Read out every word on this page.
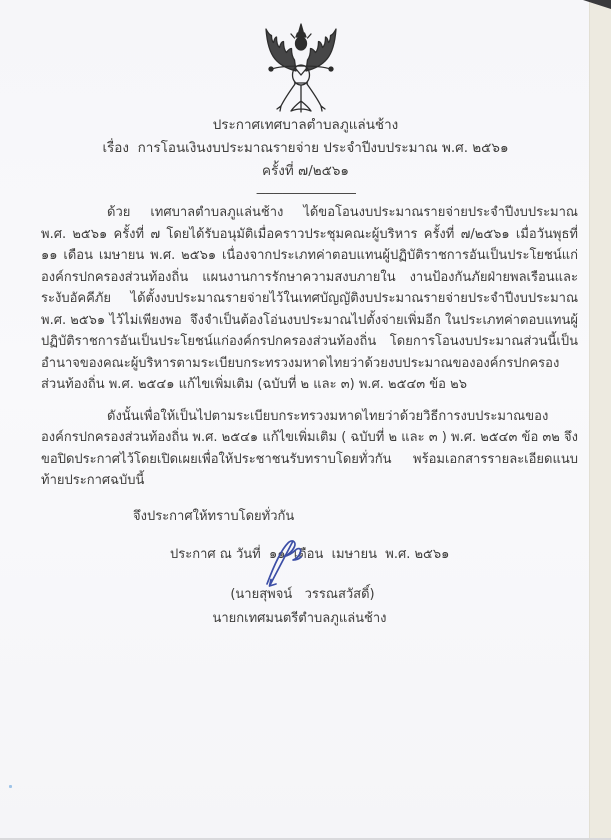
ประกาศเทศบาลตำบลภูแล่นช้าง
เรื่อง  การโอนเงินงบประมาณรายจ่าย ประจำปีงบประมาณ พ.ศ. ๒๕๖๑
ครั้งที่ ๗/๒๕๖๑
-----------------------------------

ด้วย  เทศบาลตำบลภูแล่นช้าง  ได้ขอโอนงบประมาณรายจ่ายประจำปีงบประมาณ พ.ศ. ๒๕๖๑ ครั้งที่ ๗ โดยได้รับอนุมัติเมื่อคราวประชุมคณะผู้บริหาร ครั้งที่ ๗/๒๕๖๑ เมื่อวันพุธที่ ๑๑ เดือน เมษายน พ.ศ. ๒๕๖๑ เนื่องจากประเภทค่าตอบแทนผู้ปฏิบัติราชการอันเป็นประโยชน์แก่องค์กรปกครองส่วนท้องถิ่น แผนงานการรักษาความสงบภายใน งานป้องกันภัยฝ่ายพลเรือนและระงับอัคคีภัย ได้ตั้งงบประมาณรายจ่ายไว้ในเทศบัญญัติงบประมาณรายจ่ายประจำปีงบประมาณ พ.ศ. ๒๕๖๑ ไว้ไม่เพียงพอ  จึงจำเป็นต้องโอ่นงบประมาณไปตั้งจ่ายเพิ่มอีก ในประเภทค่าตอบแทนผู้ปฏิบัติราชการอันเป็นประโยชน์แก่องค์กรปกครองส่วนท้องถิ่น โดยการโอนงบประมาณส่วนนี้เป็นอำนาจของคณะผู้บริหารตามระเบียบกระทรวงมหาดไทยว่าด้วยงบประมาณขององค์กรปกครองส่วนท้องถิ่น พ.ศ. ๒๕๔๑ แก้ไขเพิ่มเติม (ฉบับที่ ๒ และ ๓) พ.ศ. ๒๕๔๓ ข้อ ๒๖

ดังนั้นเพื่อให้เป็นไปตามระเบียบกระทรวงมหาดไทยว่าด้วยวิธีการงบประมาณขององค์กรปกครองส่วนท้องถิ่น พ.ศ. ๒๕๔๑ แก้ไขเพิ่มเติม ( ฉบับที่ ๒ และ ๓ ) พ.ศ. ๒๕๔๓ ข้อ ๓๒ จึงขอปิดประกาศไว้โดยเปิดเผยเพื่อให้ประชาชนรับทราบโดยทั่วกัน พร้อมเอกสารรายละเอียดแนบท้ายประกาศฉบับนี้

จึงประกาศให้ทราบโดยทั่วกัน

ประกาศ ณ วันที่  ๑๑  เดือน  เมษายน  พ.ศ. ๒๕๖๑

(นายสุพจน์   วรรณสวัสดิ์)
นายกเทศมนตรีตำบลภูแล่นช้าง
